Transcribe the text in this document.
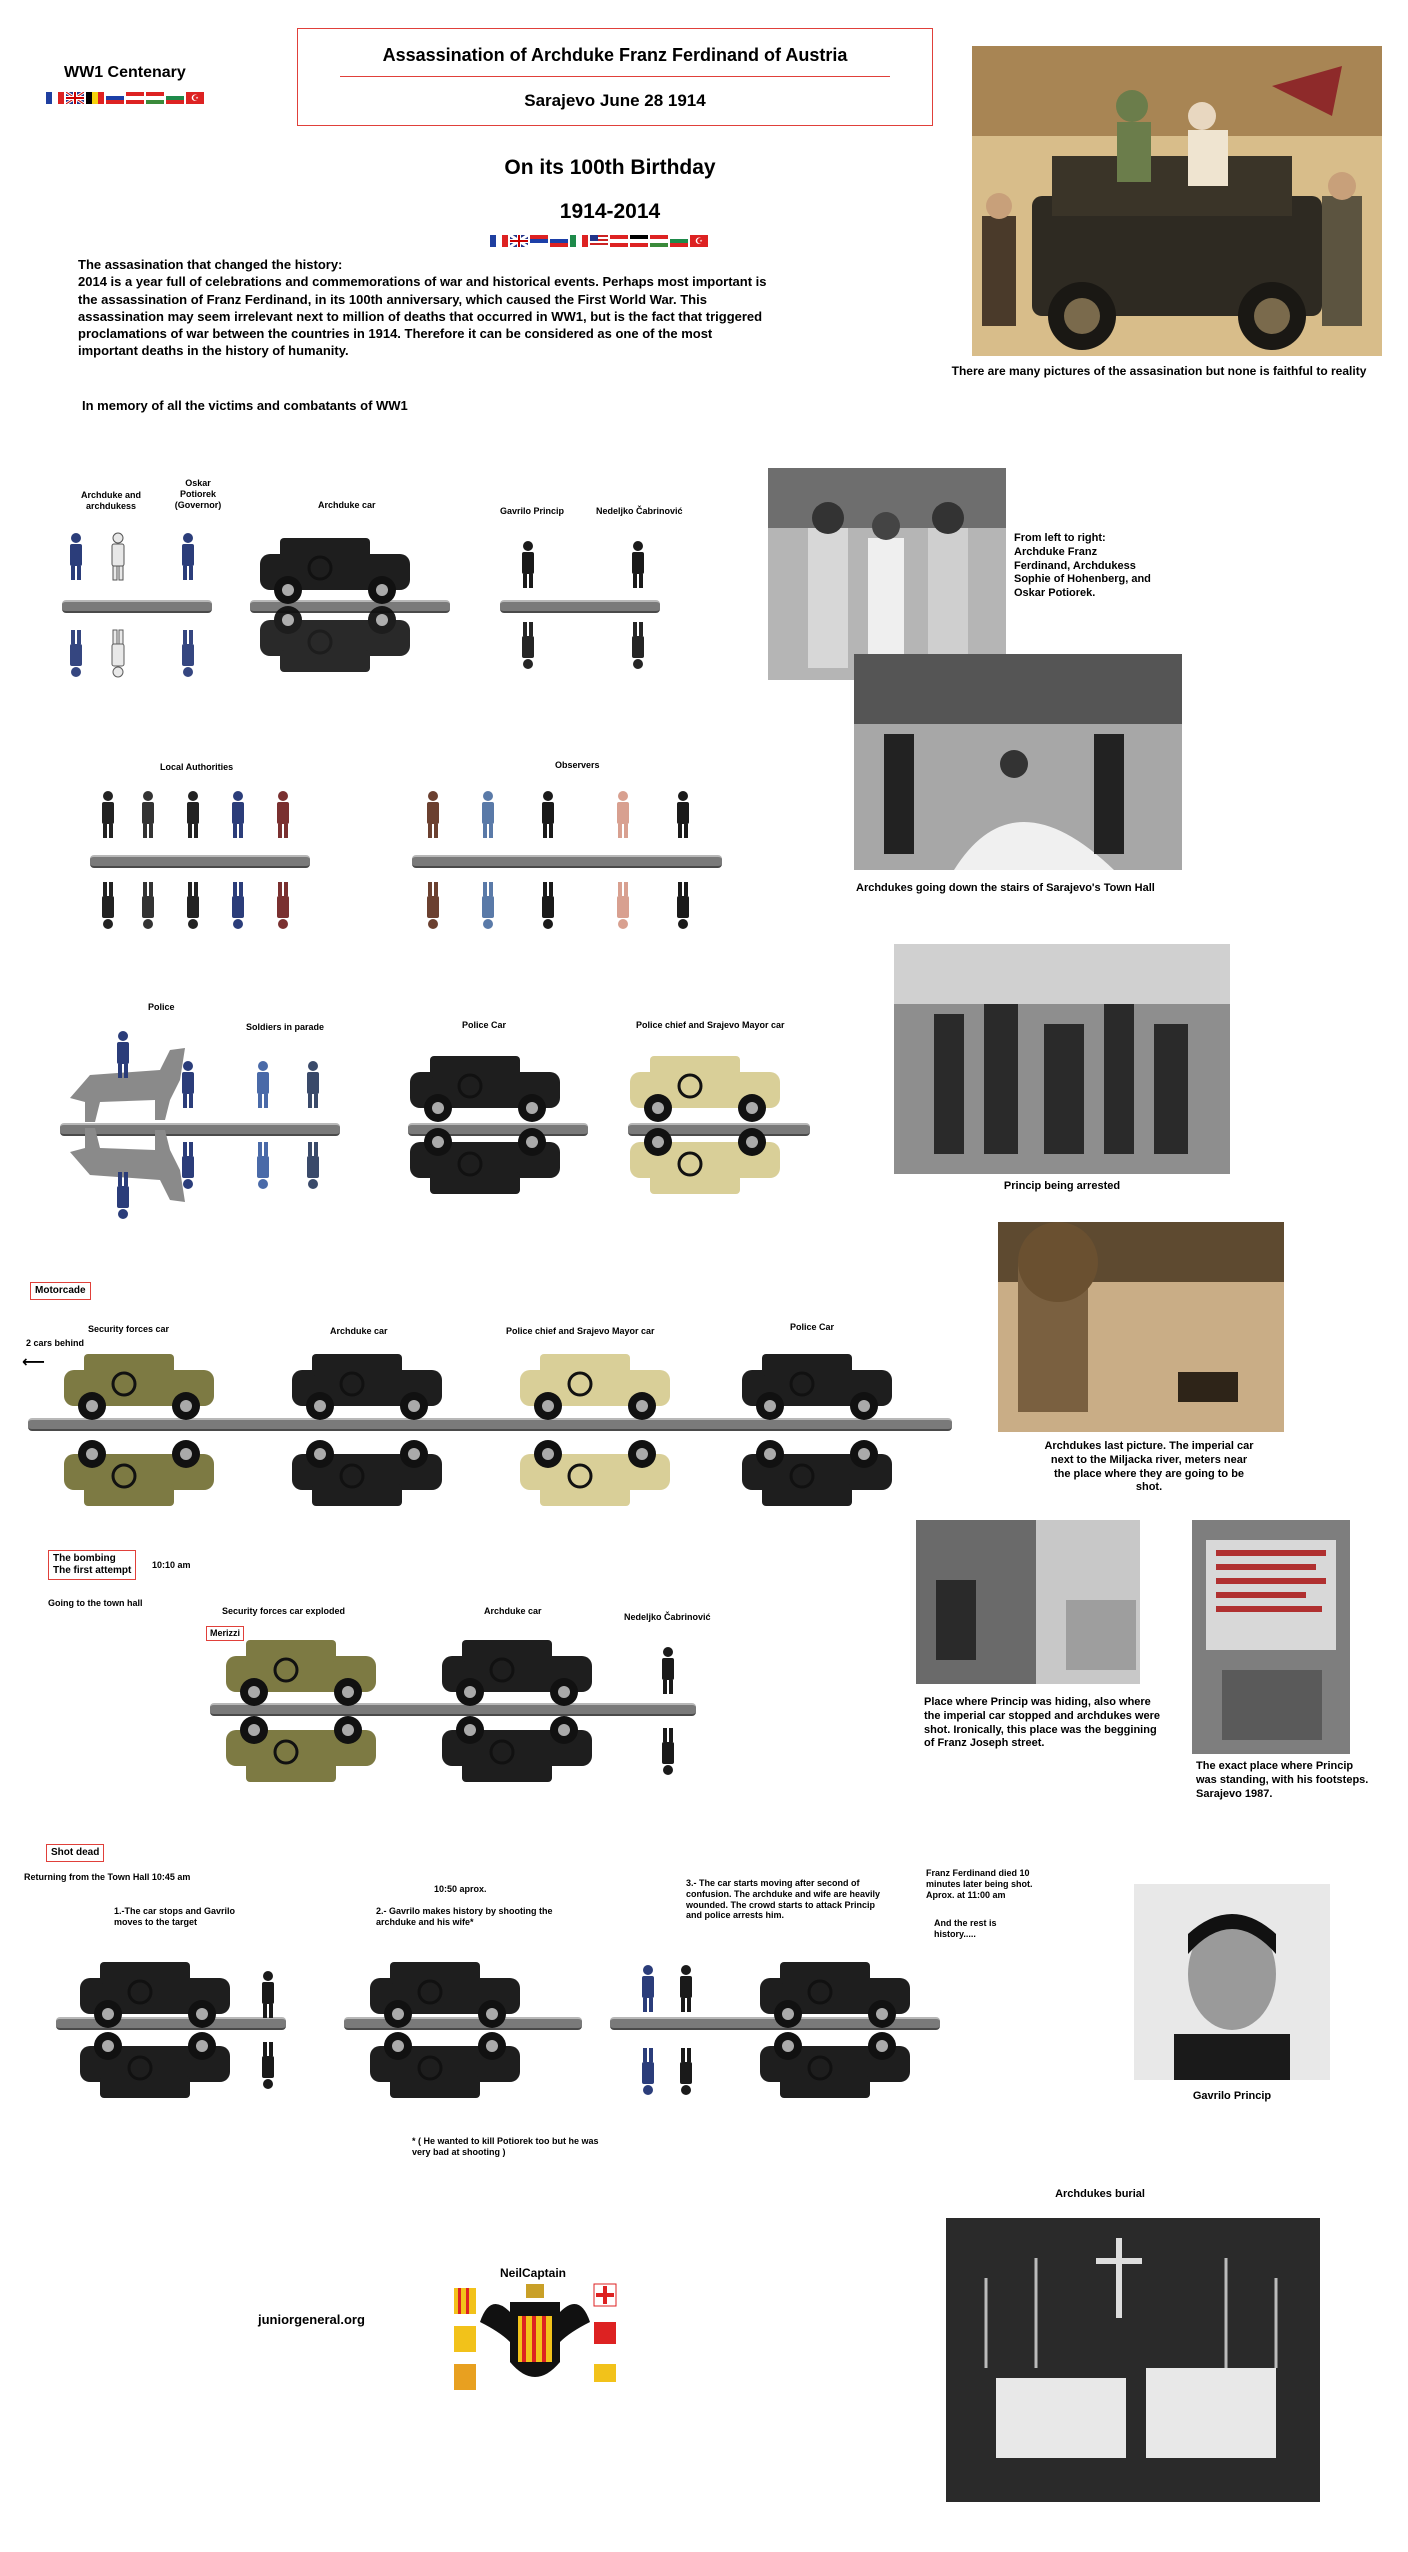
WW1 Centenary
☪
Assassination of Archduke Franz Ferdinand of Austria
Sarajevo June 28 1914
On its 100th Birthday
1914-2014
☪
The assasination that changed the history:
2014 is a year full of celebrations and commemorations of war and historical events. Perhaps most important is the assassination of Franz Ferdinand, in its 100th anniversary, which caused the First World War. This assassination may seem irrelevant next to million of deaths that occurred in WW1, but is the fact that triggered proclamations of war between the countries in 1914. Therefore it can be considered as one of the most important deaths in the history of humanity.
In memory of all the victims and combatants of WW1
There are many pictures of the assasination but none is faithful to reality
Archduke and archdukess
Oskar Potiorek (Governor)	Archduke car
Gavrilo Princip	Nedeljko Čabrinović
Local Authorities	Observers
Police
Soldiers in parade	Police Car	Police chief and Srajevo Mayor car
From left to right: Archduke Franz Ferdinand, Archdukess Sophie of Hohenberg, and Oskar Potiorek.
Archdukes going down the stairs of Sarajevo's Town Hall
Princip being arrested
Archdukes last picture. The imperial car next to the Miljacka river, meters near the place where they are going to be shot.
Place where Princip was hiding, also where the imperial car stopped and archdukes were shot. Ironically, this place was the beggining of Franz Joseph street.
The exact place where Princip was standing, with his footsteps. Sarajevo 1987.
Gavrilo Princip
Archdukes burial
Motorcade
2 cars behind
⟵
Security forces car	Archduke car	Police chief and Srajevo Mayor car	Police Car
The bombing
The first attempt 10:10 am
Going to the town hall
Security forces car exploded
Merizzi
Archduke car
Nedeljko Čabrinović
Shot dead
Returning from the Town Hall 10:45 am
1.-The car stops and Gavrilo moves to the target
10:50 aprox.
2.- Gavrilo makes history by shooting the archduke and his wife*
3.- The car starts moving after second of confusion. The archduke and wife are heavily wounded. The crowd starts to attack Princip and police arrests him.
Franz Ferdinand died 10 minutes later being shot. Aprox. at 11:00 am
And the rest is history.....
* ( He wanted to kill Potiorek too but he was very bad at shooting )
juniorgeneral.org
NeilCaptain
